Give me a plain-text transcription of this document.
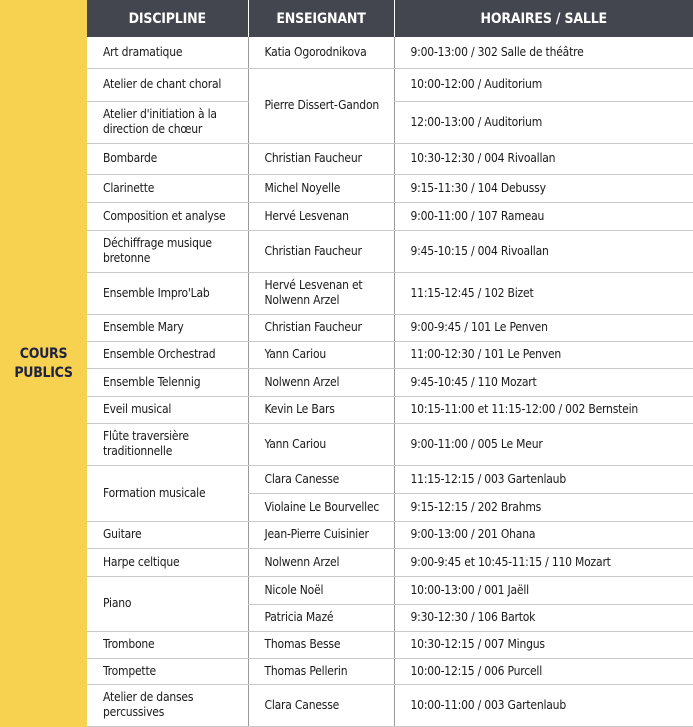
COURS
PUBLICS
DISCIPLINE	ENSEIGNANT	HORAIRES / SALLE
Art dramatique	Katia Ogorodnikova	9:00-13:00 / 302 Salle de théâtre
Atelier de chant choral	Pierre Dissert-Gandon	10:00-12:00 / Auditorium
Atelier d'initiation à la direction de chœur		12:00-13:00 / Auditorium
Bombarde	Christian Faucheur	10:30-12:30 / 004 Rivoallan
Clarinette	Michel Noyelle	9:15-11:30 / 104 Debussy
Composition et analyse	Hervé Lesvenan	9:00-11:00 / 107 Rameau
Déchiffrage musique bretonne	Christian Faucheur	9:45-10:15 / 004 Rivoallan
Ensemble Impro'Lab	Hervé Lesvenan et Nolwenn Arzel	11:15-12:45 / 102 Bizet
Ensemble Mary	Christian Faucheur	9:00-9:45 / 101 Le Penven
Ensemble Orchestrad	Yann Cariou	11:00-12:30 / 101 Le Penven
Ensemble Telennig	Nolwenn Arzel	9:45-10:45 / 110 Mozart
Eveil musical	Kevin Le Bars	10:15-11:00 et 11:15-12:00 / 002 Bernstein
Flûte traversière traditionnelle	Yann Cariou	9:00-11:00 / 005 Le Meur
Formation musicale	Clara Canesse	11:15-12:15 / 003 Gartenlaub
	Violaine Le Bourvellec	9:15-12:15 / 202 Brahms
Guitare	Jean-Pierre Cuisinier	9:00-13:00 / 201 Ohana
Harpe celtique	Nolwenn Arzel	9:00-9:45 et 10:45-11:15 / 110 Mozart
Piano	Nicole Noël	10:00-13:00 / 001 Jaëll
	Patricia Mazé	9:30-12:30 / 106 Bartok
Trombone	Thomas Besse	10:30-12:15 / 007 Mingus
Trompette	Thomas Pellerin	10:00-12:15 / 006 Purcell
Atelier de danses percussives	Clara Canesse	10:00-11:00 / 003 Gartenlaub
